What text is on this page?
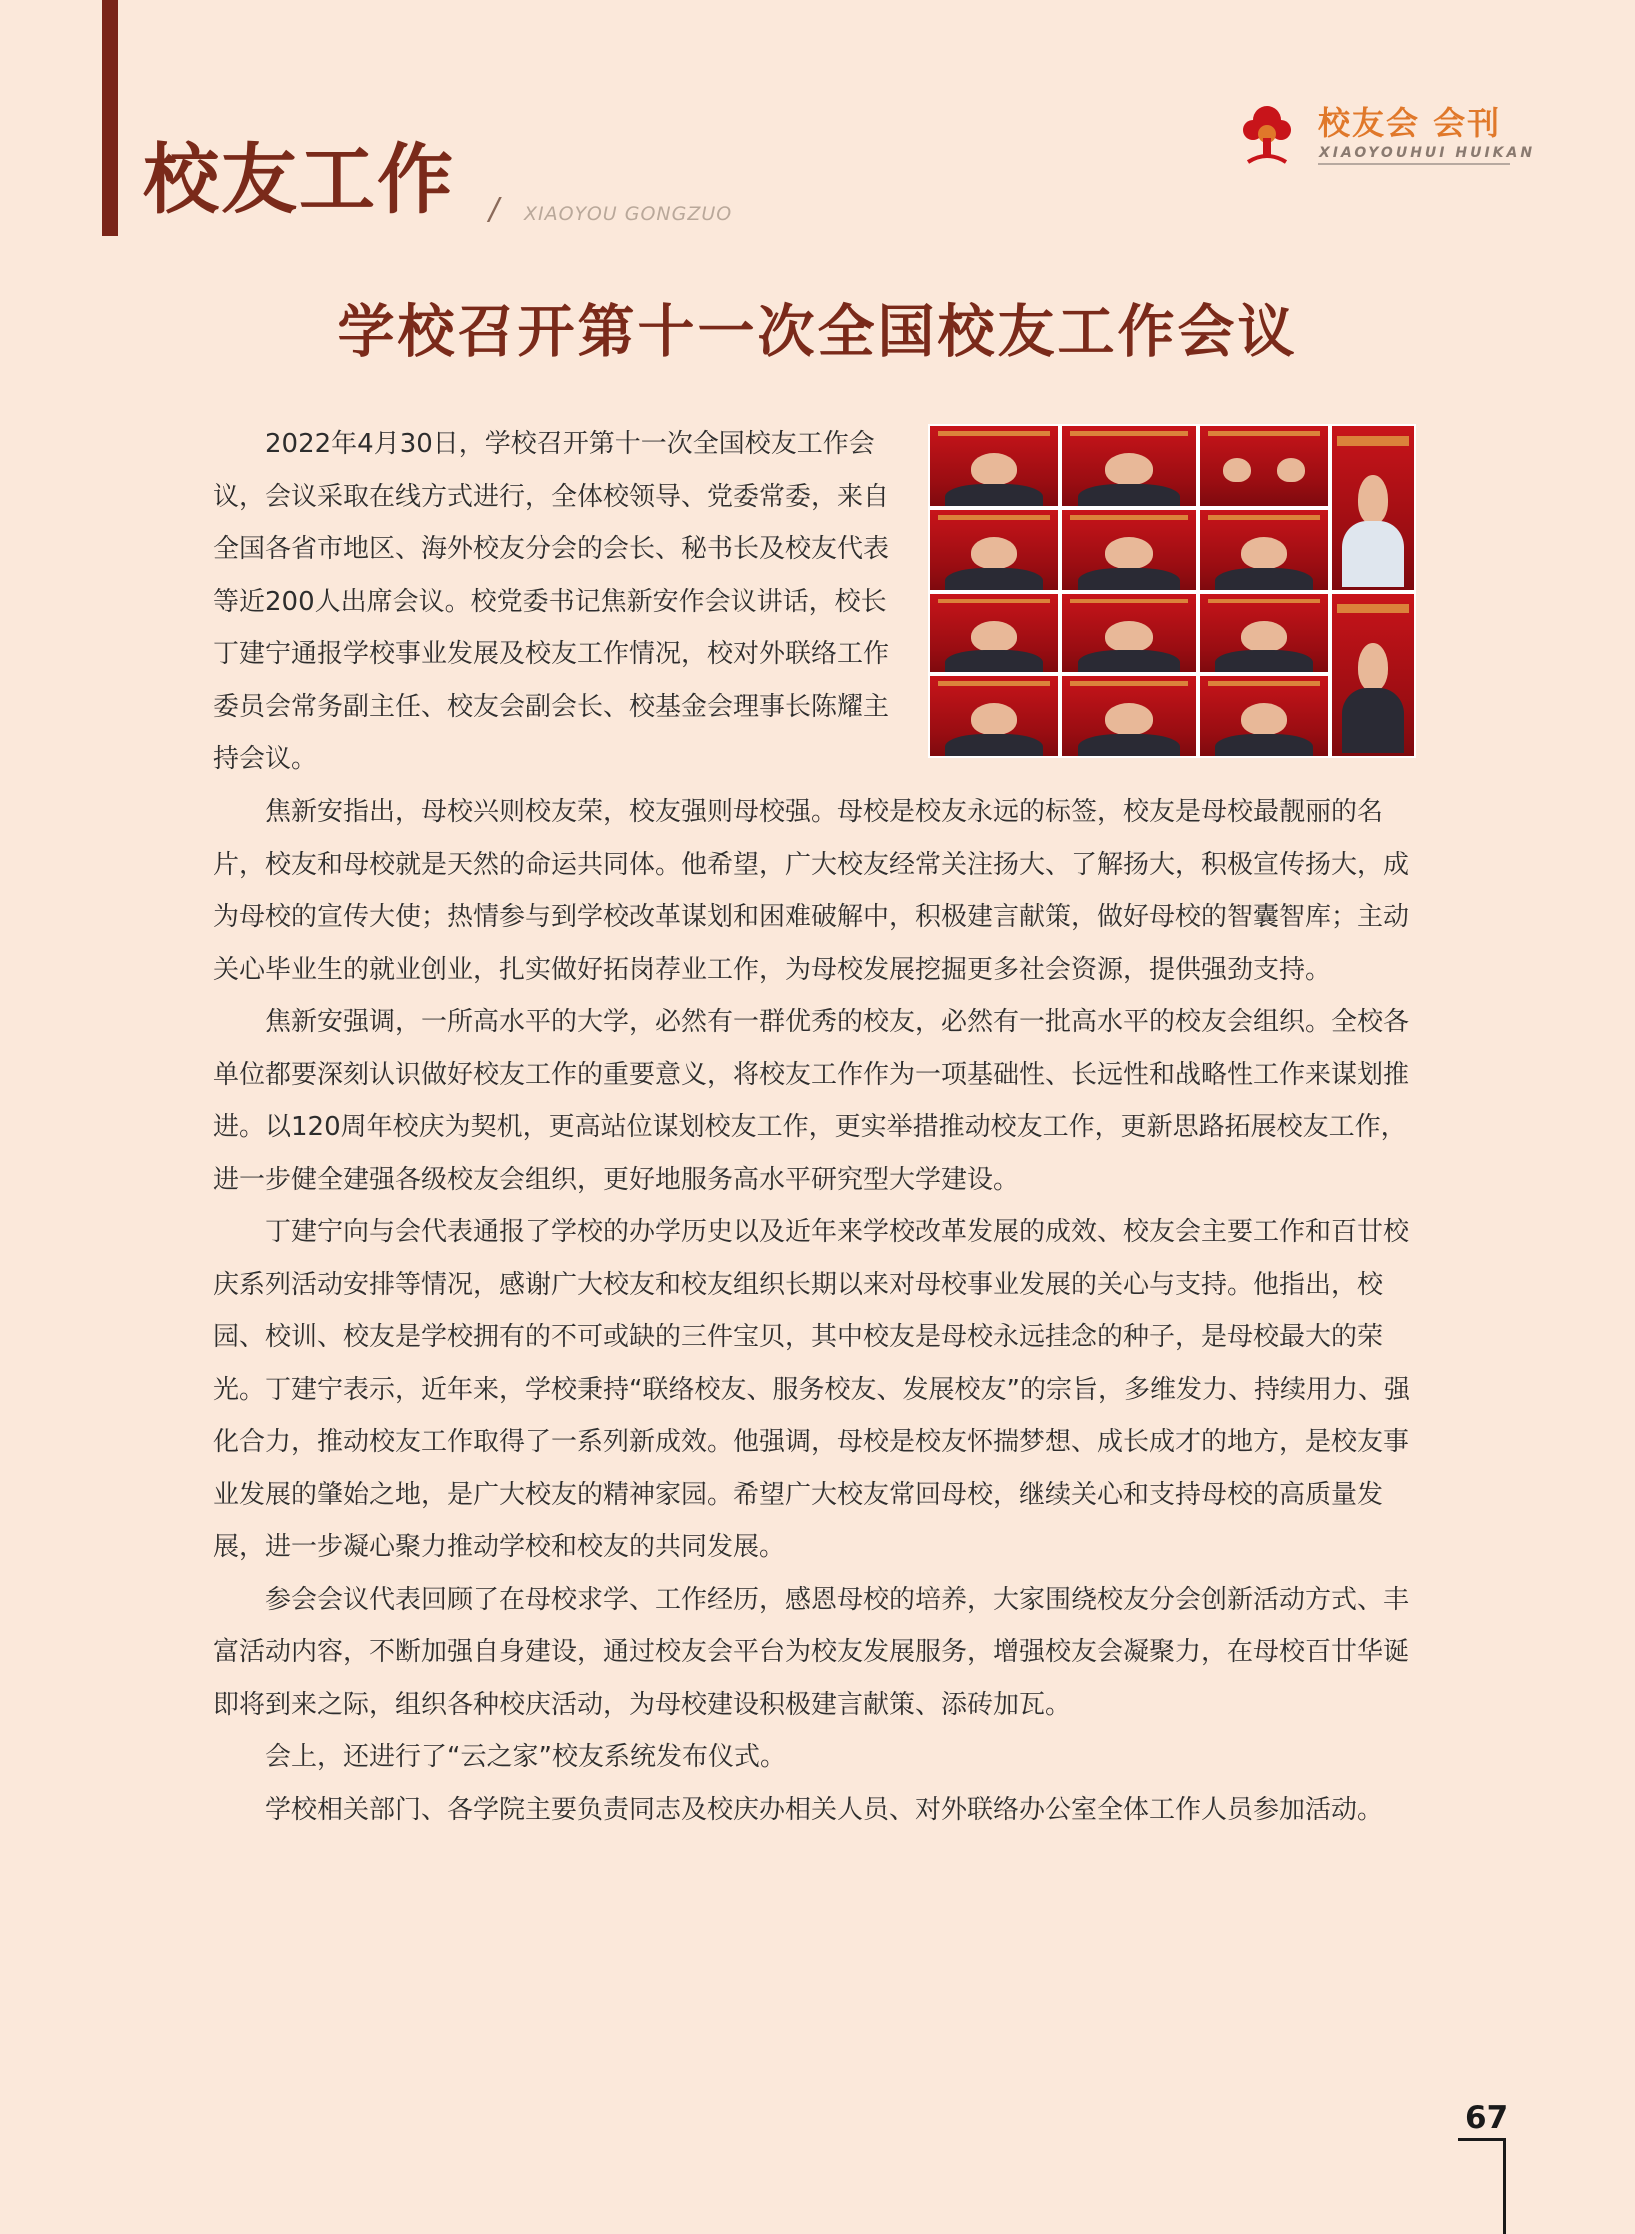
校友工作 / XIAOYOU GONGZUO
校友会 会刊
XIAOYOUHUI HUIKAN
学校召开第十一次全国校友工作会议

2022年4月30日，学校召开第十一次全国校友工作会议，会议采取在线方式进行，全体校领导、党委常委，来自全国各省市地区、海外校友分会的会长、秘书长及校友代表等近200人出席会议。校党委书记焦新安作会议讲话，校长丁建宁通报学校事业发展及校友工作情况，校对外联络工作委员会常务副主任、校友会副会长、校基金会理事长陈耀主持会议。

焦新安指出，母校兴则校友荣，校友强则母校强。母校是校友永远的标签，校友是母校最靓丽的名片，校友和母校就是天然的命运共同体。他希望，广大校友经常关注扬大、了解扬大，积极宣传扬大，成为母校的宣传大使；热情参与到学校改革谋划和困难破解中，积极建言献策，做好母校的智囊智库；主动关心毕业生的就业创业，扎实做好拓岗荐业工作，为母校发展挖掘更多社会资源，提供强劲支持。

焦新安强调，一所高水平的大学，必然有一群优秀的校友，必然有一批高水平的校友会组织。全校各单位都要深刻认识做好校友工作的重要意义，将校友工作作为一项基础性、长远性和战略性工作来谋划推进。以120周年校庆为契机，更高站位谋划校友工作，更实举措推动校友工作，更新思路拓展校友工作，进一步健全建强各级校友会组织，更好地服务高水平研究型大学建设。

丁建宁向与会代表通报了学校的办学历史以及近年来学校改革发展的成效、校友会主要工作和百廿校庆系列活动安排等情况，感谢广大校友和校友组织长期以来对母校事业发展的关心与支持。他指出，校园、校训、校友是学校拥有的不可或缺的三件宝贝，其中校友是母校永远挂念的种子，是母校最大的荣光。丁建宁表示，近年来，学校秉持“联络校友、服务校友、发展校友”的宗旨，多维发力、持续用力、强化合力，推动校友工作取得了一系列新成效。他强调，母校是校友怀揣梦想、成长成才的地方，是校友事业发展的肇始之地，是广大校友的精神家园。希望广大校友常回母校，继续关心和支持母校的高质量发展，进一步凝心聚力推动学校和校友的共同发展。

参会会议代表回顾了在母校求学、工作经历，感恩母校的培养，大家围绕校友分会创新活动方式、丰富活动内容，不断加强自身建设，通过校友会平台为校友发展服务，增强校友会凝聚力，在母校百廿华诞即将到来之际，组织各种校庆活动，为母校建设积极建言献策、添砖加瓦。

会上，还进行了“云之家”校友系统发布仪式。

学校相关部门、各学院主要负责同志及校庆办相关人员、对外联络办公室全体工作人员参加活动。

67
